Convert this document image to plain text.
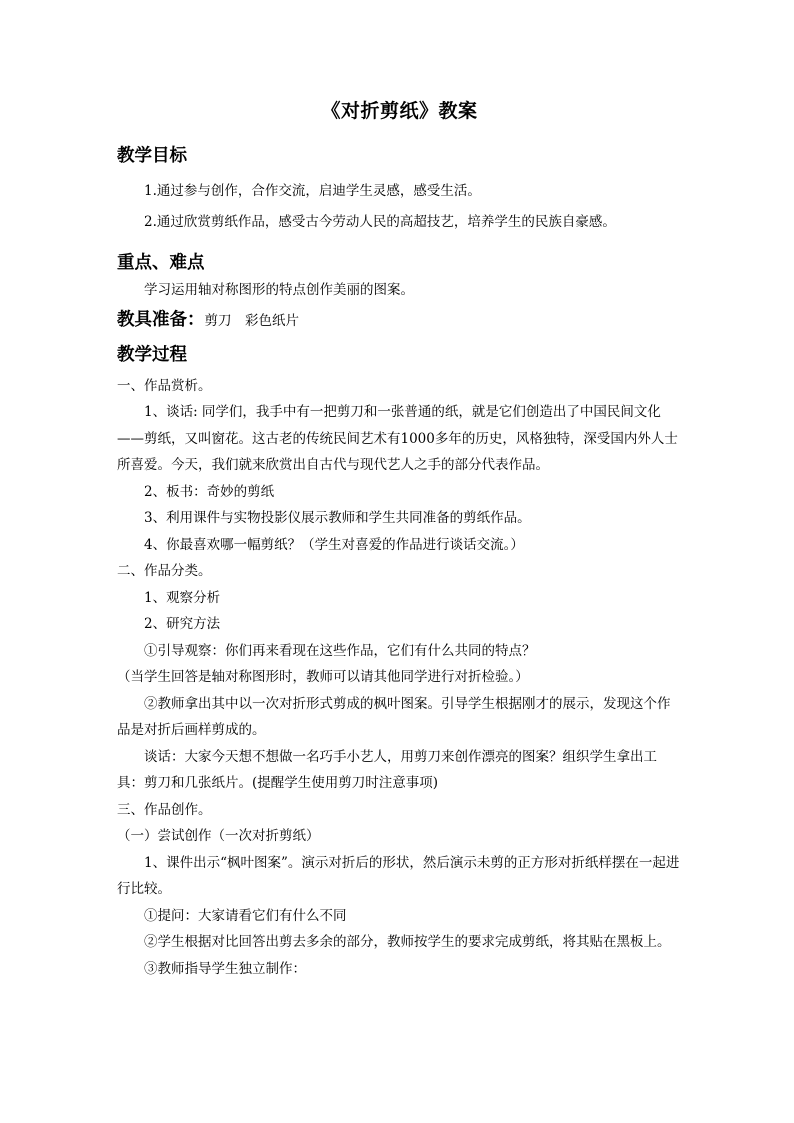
《对折剪纸》教案
教学目标
1.通过参与创作，合作交流，启迪学生灵感，感受生活。
2.通过欣赏剪纸作品，感受古今劳动人民的高超技艺，培养学生的民族自豪感。
重点、难点
学习运用轴对称图形的特点创作美丽的图案。
教具准备：剪刀　彩色纸片
教学过程
一、作品赏析。
1、谈话: 同学们，我手中有一把剪刀和一张普通的纸，就是它们创造出了中国民间文化——剪纸，又叫窗花。这古老的传统民间艺术有1000多年的历史，风格独特，深受国内外人士所喜爱。今天，我们就来欣赏出自古代与现代艺人之手的部分代表作品。
2、板书：奇妙的剪纸
3、利用课件与实物投影仪展示教师和学生共同准备的剪纸作品。
4、你最喜欢哪一幅剪纸？（学生对喜爱的作品进行谈话交流。）
二、作品分类。
1、观察分析
2、研究方法
①引导观察：你们再来看现在这些作品，它们有什么共同的特点？
（当学生回答是轴对称图形时，教师可以请其他同学进行对折检验。）
②教师拿出其中以一次对折形式剪成的枫叶图案。引导学生根据刚才的展示，发现这个作品是对折后画样剪成的。
谈话：大家今天想不想做一名巧手小艺人，用剪刀来创作漂亮的图案？组织学生拿出工具：剪刀和几张纸片。(提醒学生使用剪刀时注意事项)
三、作品创作。
（一）尝试创作（一次对折剪纸）
1、课件出示“枫叶图案”。演示对折后的形状，然后演示未剪的正方形对折纸样摆在一起进行比较。
①提问：大家请看它们有什么不同
②学生根据对比回答出剪去多余的部分，教师按学生的要求完成剪纸，将其贴在黑板上。
③教师指导学生独立制作：
